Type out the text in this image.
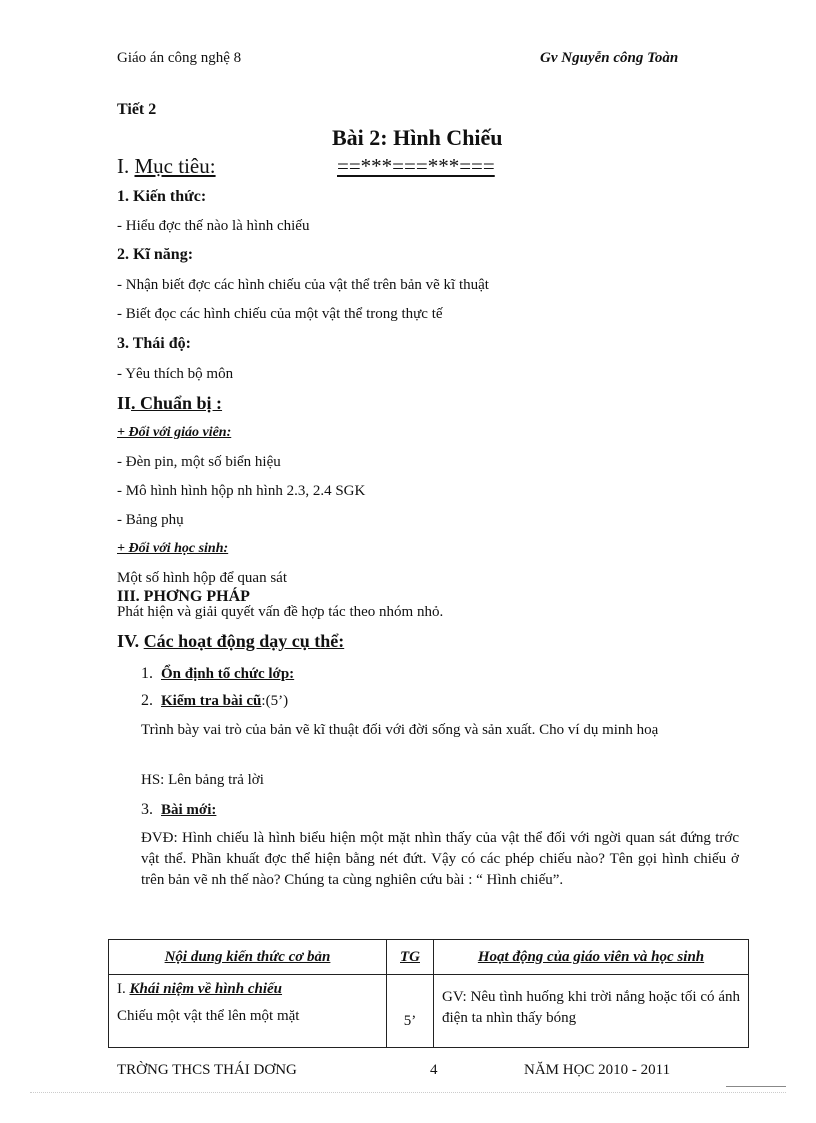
Giáo án công nghệ 8	Gv Nguyễn công Toàn
Tiết 2
Bài 2: Hình Chiếu
I. Mục tiêu:	==***===***===
1. Kiến thức:
- Hiểu đợc thế nào là hình chiếu
2. Kĩ năng:
- Nhận biết đợc các hình chiếu của vật thể trên bản vẽ kĩ thuật
- Biết đọc các hình chiếu của một vật thể trong thực tế
3. Thái độ:
- Yêu thích bộ môn
II. Chuẩn bị :
+ Đối với giáo viên:
- Đèn pin, một số biển hiệu
- Mô hình hình hộp nh hình 2.3, 2.4 SGK
- Bảng phụ
+ Đối với học sinh:
Một số hình hộp để quan sát
III. PHƠNG PHÁP
Phát hiện và giải quyết vấn đề hợp tác theo nhóm nhỏ.
IV. Các hoạt động dạy cụ thể:
1. Ổn định tổ chức lớp:
2. Kiểm tra bài cũ:(5’)
Trình bày vai trò của bản vẽ kĩ thuật đối với đời sống và sản xuất. Cho ví dụ minh hoạ
HS: Lên bảng trả lời
3. Bài mới:
ĐVĐ: Hình chiếu là hình biểu hiện một mặt nhìn thấy của vật thể đối với ngời quan sát đứng trớc vật thể. Phần khuất đợc thể hiện bằng nét đứt. Vậy có các phép chiếu nào? Tên gọi hình chiếu ở trên bản vẽ nh thế nào? Chúng ta cùng nghiên cứu bài : “ Hình chiếu”.
Nội dung kiến thức cơ bản	TG	Hoạt động của giáo viên và học sinh

I. Khái niệm về hình chiếu
Chiếu một vật thể lên một mặt	5’	GV: Nêu tình huống khi trời nắng hoặc tối có ánh điện ta nhìn thấy bóng
TRỜNG THCS THÁI DƠNG	4	NĂM HỌC 2010 - 2011
